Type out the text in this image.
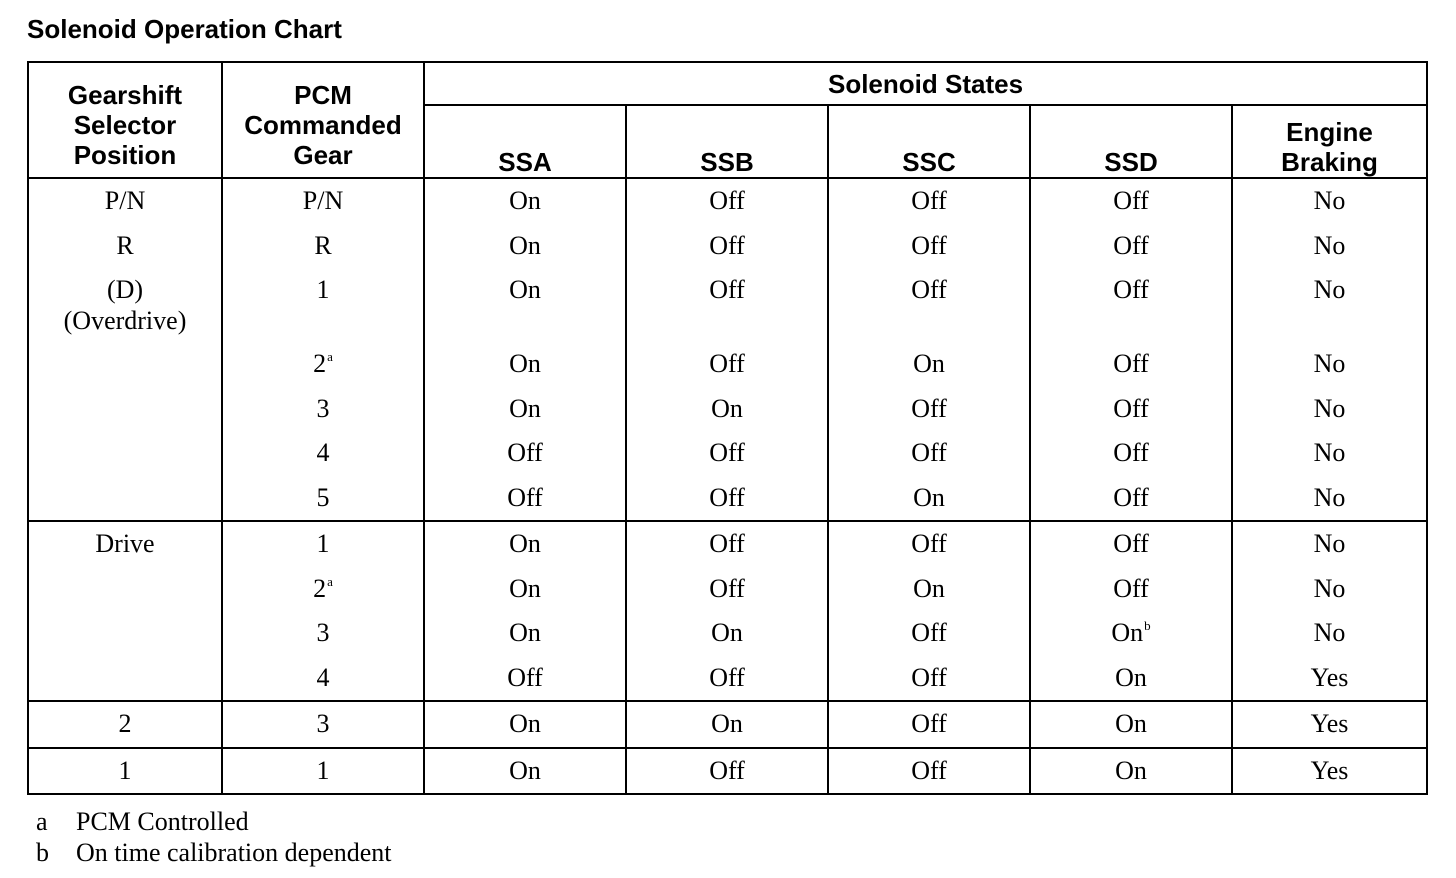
Solenoid Operation Chart
Gearshift
Selector
Position	PCM
Commanded
Gear	Solenoid States				
		SSA	SSB	SSC	SSD	Engine
Braking
P/N	P/N	On	Off	Off	Off	No
R	R	On	Off	Off	Off	No

(D)
(Overdrive)	1	On	Off	Off	Off	No
	2$^a$	On	Off	On	Off	No
	3	On	On	Off	Off	No
	4	Off	Off	Off	Off	No
	5	Off	Off	On	Off	No
Drive	1	On	Off	Off	Off	No
	2$^a$	On	Off	On	Off	No
	3	On	On	Off	On$^b$	No
	4	Off	Off	Off	On	Yes
2	3	On	On	Off	On	Yes
1	1	On	Off	Off	On	Yes
a PCM Controlled
b On time calibration dependent
